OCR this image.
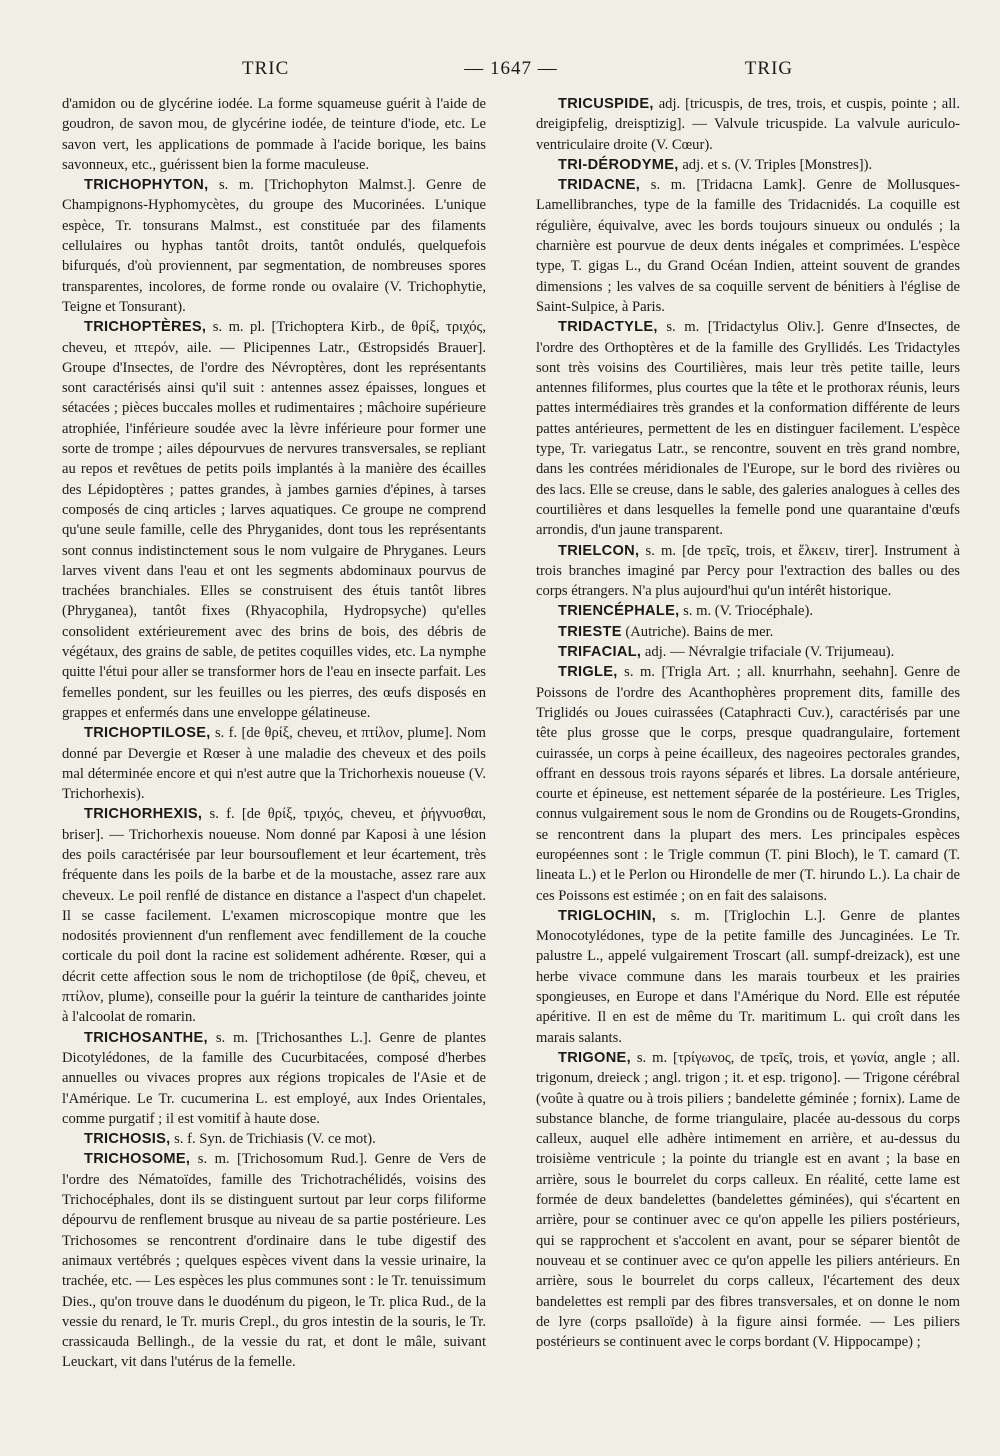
TRIC	— 1647 —	TRIG

d'amidon ou de glycérine iodée. La forme squameuse guérit à l'aide de goudron, de savon mou, de glycérine iodée, de teinture d'iode, etc. Le savon vert, les applications de pommade à l'acide borique, les bains savonneux, etc., guérissent bien la forme maculeuse.

TRICHOPHYTON, s. m. [Trichophyton Malmst.]. Genre de Champignons-Hyphomycètes, du groupe des Mucorinées. L'unique espèce, Tr. tonsurans Malmst., est constituée par des filaments cellulaires ou hyphas tantôt droits, tantôt ondulés, quelquefois bifurqués, d'où proviennent, par segmentation, de nombreuses spores transparentes, incolores, de forme ronde ou ovalaire (V. Trichophytie, Teigne et Tonsurant).

TRICHOPTÈRES, s. m. pl. [Trichoptera Kirb., de θρίξ, τριχός, cheveu, et πτερόν, aile. — Plicipennes Latr., Œstropsidés Brauer]. Groupe d'Insectes, de l'ordre des Névroptères, dont les représentants sont caractérisés ainsi qu'il suit : antennes assez épaisses, longues et sétacées ; pièces buccales molles et rudimentaires ; mâchoire supérieure atrophiée, l'inférieure soudée avec la lèvre inférieure pour former une sorte de trompe ; ailes dépourvues de nervures transversales, se repliant au repos et revêtues de petits poils implantés à la manière des écailles des Lépidoptères ; pattes grandes, à jambes garnies d'épines, à tarses composés de cinq articles ; larves aquatiques. Ce groupe ne comprend qu'une seule famille, celle des Phryganides, dont tous les représentants sont connus indistinctement sous le nom vulgaire de Phryganes. Leurs larves vivent dans l'eau et ont les segments abdominaux pourvus de trachées branchiales. Elles se construisent des étuis tantôt libres (Phryganea), tantôt fixes (Rhyacophila, Hydropsyche) qu'elles consolident extérieurement avec des brins de bois, des débris de végétaux, des grains de sable, de petites coquilles vides, etc. La nymphe quitte l'étui pour aller se transformer hors de l'eau en insecte parfait. Les femelles pondent, sur les feuilles ou les pierres, des œufs disposés en grappes et enfermés dans une enveloppe gélatineuse.

TRICHOPTILOSE, s. f. [de θρίξ, cheveu, et πτίλον, plume]. Nom donné par Devergie et Rœser à une maladie des cheveux et des poils mal déterminée encore et qui n'est autre que la Trichorhexis noueuse (V. Trichorhexis).

TRICHORHEXIS, s. f. [de θρίξ, τριχός, cheveu, et ῥήγνυσθαι, briser]. — Trichorhexis noueuse. Nom donné par Kaposi à une lésion des poils caractérisée par leur boursouflement et leur écartement, très fréquente dans les poils de la barbe et de la moustache, assez rare aux cheveux. Le poil renflé de distance en distance a l'aspect d'un chapelet. Il se casse facilement. L'examen microscopique montre que les nodosités proviennent d'un renflement avec fendillement de la couche corticale du poil dont la racine est solidement adhérente. Rœser, qui a décrit cette affection sous le nom de trichoptilose (de θρίξ, cheveu, et πτίλον, plume), conseille pour la guérir la teinture de cantharides jointe à l'alcoolat de romarin.

TRICHOSANTHE, s. m. [Trichosanthes L.]. Genre de plantes Dicotylédones, de la famille des Cucurbitacées, composé d'herbes annuelles ou vivaces propres aux régions tropicales de l'Asie et de l'Amérique. Le Tr. cucumerina L. est employé, aux Indes Orientales, comme purgatif ; il est vomitif à haute dose.

TRICHOSIS, s. f. Syn. de Trichiasis (V. ce mot).

TRICHOSOME, s. m. [Trichosomum Rud.]. Genre de Vers de l'ordre des Nématoïdes, famille des Trichotrachélidés, voisins des Trichocéphales, dont ils se distinguent surtout par leur corps filiforme dépourvu de renflement brusque au niveau de sa partie postérieure. Les Trichosomes se rencontrent d'ordinaire dans le tube digestif des animaux vertébrés ; quelques espèces vivent dans la vessie urinaire, la trachée, etc. — Les espèces les plus communes sont : le Tr. tenuissimum Dies., qu'on trouve dans le duodénum du pigeon, le Tr. plica Rud., de la vessie du renard, le Tr. muris Crepl., du gros intestin de la souris, le Tr. crassicauda Bellingh., de la vessie du rat, et dont le mâle, suivant Leuckart, vit dans l'utérus de la femelle.

TRICUSPIDE, adj. [tricuspis, de tres, trois, et cuspis, pointe ; all. dreigipfelig, dreisptizig]. — Valvule tricuspide. La valvule auriculo-ventriculaire droite (V. Cœur).

TRI-DÉRODYME, adj. et s. (V. Triples [Monstres]).

TRIDACNE, s. m. [Tridacna Lamk]. Genre de Mollusques-Lamellibranches, type de la famille des Tridacnidés. La coquille est régulière, équivalve, avec les bords toujours sinueux ou ondulés ; la charnière est pourvue de deux dents inégales et comprimées. L'espèce type, T. gigas L., du Grand Océan Indien, atteint souvent de grandes dimensions ; les valves de sa coquille servent de bénitiers à l'église de Saint-Sulpice, à Paris.

TRIDACTYLE, s. m. [Tridactylus Oliv.]. Genre d'Insectes, de l'ordre des Orthoptères et de la famille des Gryllidés. Les Tridactyles sont très voisins des Courtilières, mais leur très petite taille, leurs antennes filiformes, plus courtes que la tête et le prothorax réunis, leurs pattes intermédiaires très grandes et la conformation différente de leurs pattes antérieures, permettent de les en distinguer facilement. L'espèce type, Tr. variegatus Latr., se rencontre, souvent en très grand nombre, dans les contrées méridionales de l'Europe, sur le bord des rivières ou des lacs. Elle se creuse, dans le sable, des galeries analogues à celles des courtilières et dans lesquelles la femelle pond une quarantaine d'œufs arrondis, d'un jaune transparent.

TRIELCON, s. m. [de τρεῖς, trois, et ἕλκειν, tirer]. Instrument à trois branches imaginé par Percy pour l'extraction des balles ou des corps étrangers. N'a plus aujourd'hui qu'un intérêt historique.

TRIENCÉPHALE, s. m. (V. Triocéphale).

TRIESTE (Autriche). Bains de mer.

TRIFACIAL, adj. — Névralgie trifaciale (V. Trijumeau).

TRIGLE, s. m. [Trigla Art. ; all. knurrhahn, seehahn]. Genre de Poissons de l'ordre des Acanthophères proprement dits, famille des Triglidés ou Joues cuirassées (Cataphracti Cuv.), caractérisés par une tête plus grosse que le corps, presque quadrangulaire, fortement cuirassée, un corps à peine écailleux, des nageoires pectorales grandes, offrant en dessous trois rayons séparés et libres. La dorsale antérieure, courte et épineuse, est nettement séparée de la postérieure. Les Trigles, connus vulgairement sous le nom de Grondins ou de Rougets-Grondins, se rencontrent dans la plupart des mers. Les principales espèces européennes sont : le Trigle commun (T. pini Bloch), le T. camard (T. lineata L.) et le Perlon ou Hirondelle de mer (T. hirundo L.). La chair de ces Poissons est estimée ; on en fait des salaisons.

TRIGLOCHIN, s. m. [Triglochin L.]. Genre de plantes Monocotylédones, type de la petite famille des Juncaginées. Le Tr. palustre L., appelé vulgairement Troscart (all. sumpf-dreizack), est une herbe vivace commune dans les marais tourbeux et les prairies spongieuses, en Europe et dans l'Amérique du Nord. Elle est réputée apéritive. Il en est de même du Tr. maritimum L. qui croît dans les marais salants.

TRIGONE, s. m. [τρίγωνος, de τρεῖς, trois, et γωνία, angle ; all. trigonum, dreieck ; angl. trigon ; it. et esp. trigono]. — Trigone cérébral (voûte à quatre ou à trois piliers ; bandelette géminée ; fornix). Lame de substance blanche, de forme triangulaire, placée au-dessous du corps calleux, auquel elle adhère intimement en arrière, et au-dessus du troisième ventricule ; la pointe du triangle est en avant ; la base en arrière, sous le bourrelet du corps calleux. En réalité, cette lame est formée de deux bandelettes (bandelettes géminées), qui s'écartent en arrière, pour se continuer avec ce qu'on appelle les piliers postérieurs, qui se rapprochent et s'accolent en avant, pour se séparer bientôt de nouveau et se continuer avec ce qu'on appelle les piliers antérieurs. En arrière, sous le bourrelet du corps calleux, l'écartement des deux bandelettes est rempli par des fibres transversales, et on donne le nom de lyre (corps psalloïde) à la figure ainsi formée. — Les piliers postérieurs se continuent avec le corps bordant (V. Hippocampe) ;
